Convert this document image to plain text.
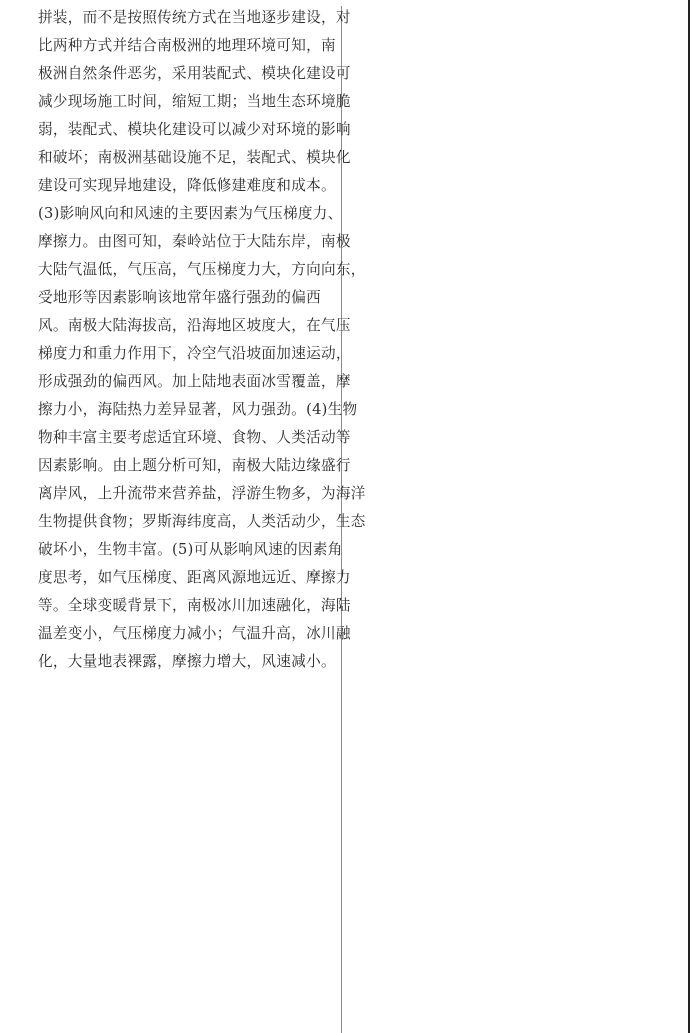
拼装，而不是按照传统方式在当地逐步建设，对
比两种方式并结合南极洲的地理环境可知，南
极洲自然条件恶劣，采用装配式、模块化建设可
减少现场施工时间，缩短工期；当地生态环境脆
弱，装配式、模块化建设可以减少对环境的影响
和破坏；南极洲基础设施不足，装配式、模块化
建设可实现异地建设，降低修建难度和成本。
(3)影响风向和风速的主要因素为气压梯度力、
摩擦力。由图可知，秦岭站位于大陆东岸，南极
大陆气温低，气压高，气压梯度力大，方向向东，
受地形等因素影响该地常年盛行强劲的偏西
风。南极大陆海拔高，沿海地区坡度大，在气压
梯度力和重力作用下，冷空气沿坡面加速运动，
形成强劲的偏西风。加上陆地表面冰雪覆盖，摩
擦力小，海陆热力差异显著，风力强劲。(4)生物
物种丰富主要考虑适宜环境、食物、人类活动等
因素影响。由上题分析可知，南极大陆边缘盛行
离岸风，上升流带来营养盐，浮游生物多，为海洋
生物提供食物；罗斯海纬度高，人类活动少，生态
破坏小，生物丰富。(5)可从影响风速的因素角
度思考，如气压梯度、距离风源地远近、摩擦力
等。全球变暖背景下，南极冰川加速融化，海陆
温差变小，气压梯度力减小；气温升高，冰川融
化，大量地表裸露，摩擦力增大，风速减小。
